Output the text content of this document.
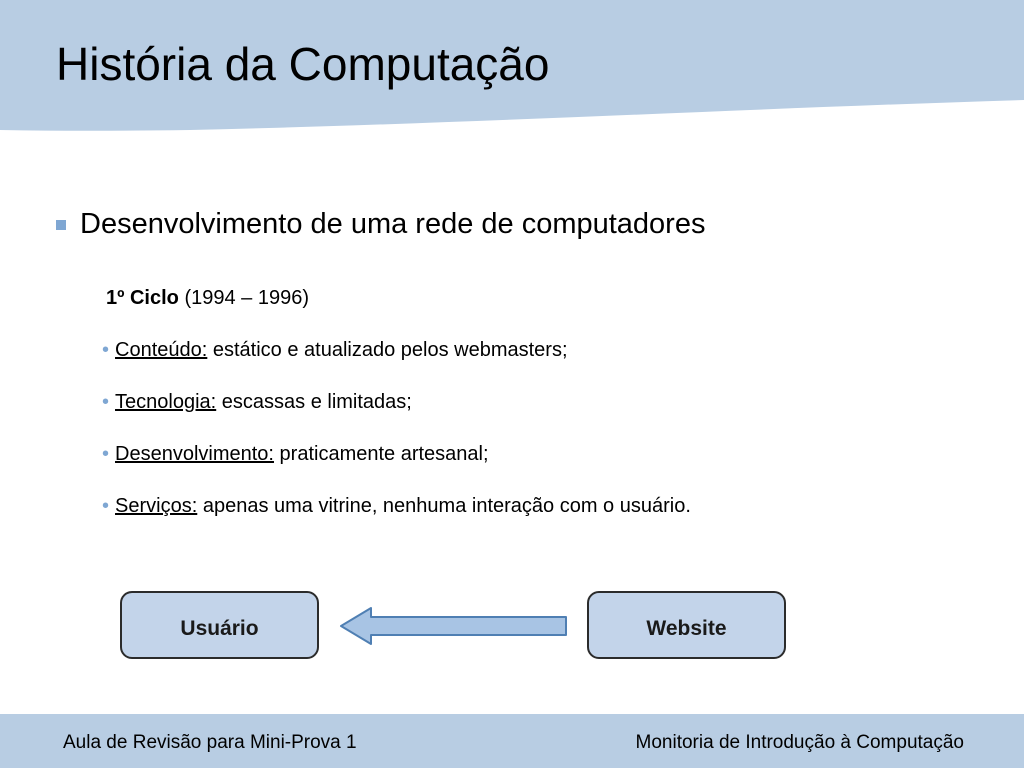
História da Computação
Desenvolvimento de uma rede de computadores
1º Ciclo (1994 – 1996)
• Conteúdo: estático e atualizado pelos webmasters;
• Tecnologia: escassas e limitadas;
• Desenvolvimento: praticamente artesanal;
• Serviços: apenas uma vitrine, nenhuma interação com o usuário.
Usuário	Website
Aula de Revisão para Mini-Prova 1	Monitoria de Introdução à Computação
